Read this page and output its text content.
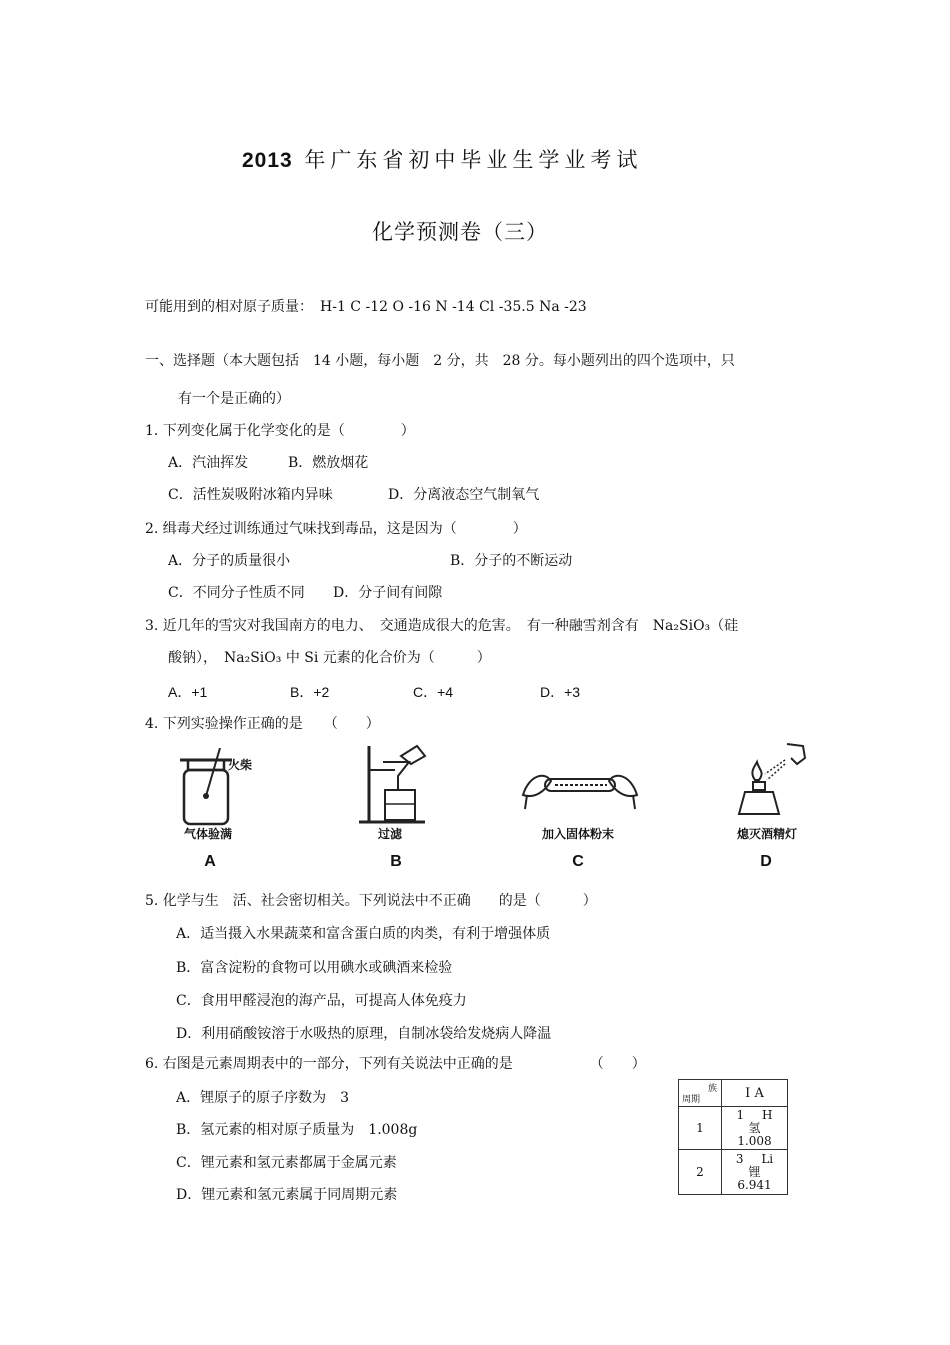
2013 年广东省初中毕业生学业考试
化学预测卷（三）
可能用到的相对原子质量：　H-1 C -12 O -16 N -14 Cl -35.5 Na -23
一、选择题（本大题包括　14 小题，每小题　2 分，共　28 分。每小题列出的四个选项中，只
有一个是正确的）
1. 下列变化属于化学变化的是（　　　　）
A．汽油挥发	B．燃放烟花
C．活性炭吸附冰箱内异味	D．分离液态空气制氧气
2. 缉毒犬经过训练通过气味找到毒品，这是因为（　　　　）
A．分子的质量很小	B．分子的不断运动
C．不同分子性质不同 D．分子间有间隙
3. 近几年的雪灾对我国南方的电力、　交通造成很大的危害。　有一种融雪剂含有　Na₂SiO₃（硅
酸钠），　Na₂SiO₃ 中 Si 元素的化合价为（　　　）
A．+1	B．+2	C．+4	D．+3
4. 下列实验操作正确的是　　（　　）
火柴
气体验满
A
过滤
B
加入固体粉末
C
熄灭酒精灯
D
5. 化学与生　活、社会密切相关。下列说法中不正确　　的是（　　　）
A．适当摄入水果蔬菜和富含蛋白质的肉类，有利于增强体质
B．富含淀粉的食物可以用碘水或碘酒来检验
C．食用甲醛浸泡的海产品，可提高人体免疫力
D．利用硝酸铵溶于水吸热的原理，自制冰袋给发烧病人降温
6. 右图是元素周期表中的一部分，下列有关说法中正确的是　　　　　　（　　）
A．锂原子的原子序数为　3
B．氢元素的相对原子质量为　1.008g
C．锂元素和氢元素都属于金属元素
D．锂元素和氢元素属于同周期元素
族
周期	I A
1	1 H
氢
1.008
2	3 Li
锂
6.941
